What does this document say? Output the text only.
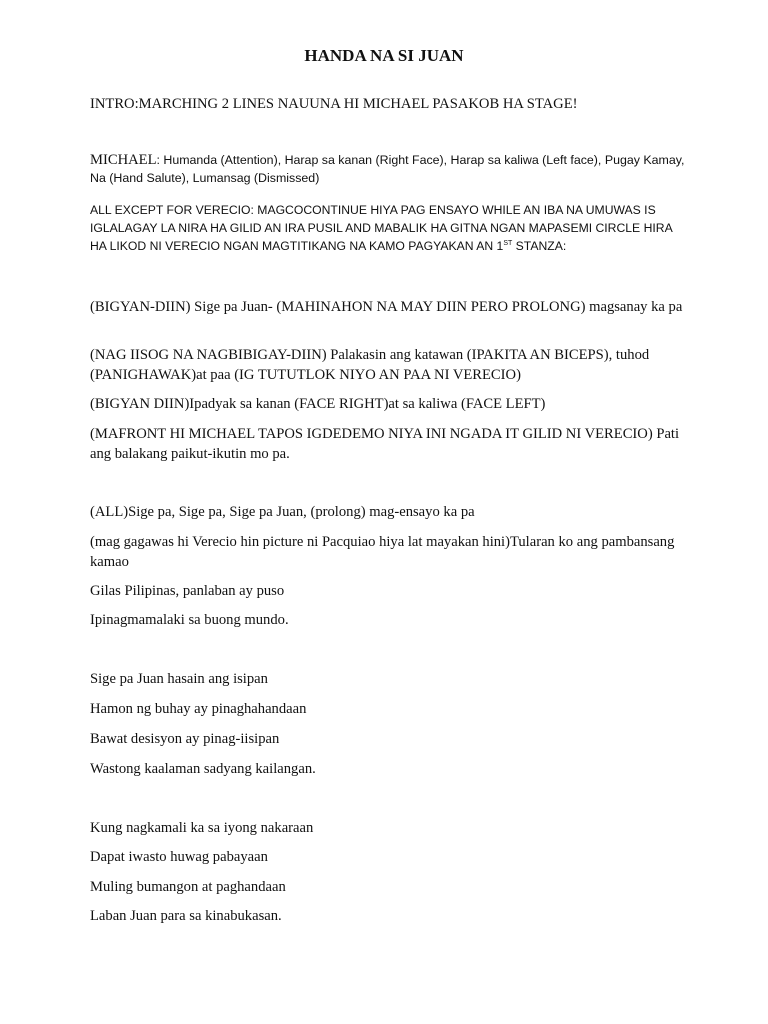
HANDA NA SI JUAN

INTRO:MARCHING 2 LINES NAUUNA HI MICHAEL PASAKOB HA STAGE!

MICHAEL: Humanda (Attention), Harap sa kanan (Right Face), Harap sa kaliwa (Left face), Pugay Kamay, Na (Hand Salute), Lumansag (Dismissed)

ALL EXCEPT FOR VERECIO: MAGCOCONTINUE HIYA PAG ENSAYO WHILE AN IBA NA UMUWAS IS IGLALAGAY LA NIRA HA GILID AN IRA PUSIL AND MABALIK HA GITNA NGAN MAPASEMI CIRCLE HIRA HA LIKOD NI VERECIO NGAN MAGTITIKANG NA KAMO PAGYAKAN AN 1ST STANZA:

(BIGYAN-DIIN) Sige pa Juan- (MAHINAHON NA MAY DIIN PERO PROLONG) magsanay ka pa

(NAG IISOG NA NAGBIBIGAY-DIIN) Palakasin ang katawan (IPAKITA AN BICEPS), tuhod (PANIGHAWAK)at paa (IG TUTUTLOK NIYO AN PAA NI VERECIO)

(BIGYAN DIIN)Ipadyak sa kanan (FACE RIGHT)at sa kaliwa (FACE LEFT)

(MAFRONT HI MICHAEL TAPOS IGDEDEMO NIYA INI NGADA IT GILID NI VERECIO) Pati ang balakang paikut-ikutin mo pa.

(ALL)Sige pa, Sige pa, Sige pa Juan, (prolong) mag-ensayo ka pa

(mag gagawas hi Verecio hin picture ni Pacquiao hiya lat mayakan hini)Tularan ko ang pambansang kamao

Gilas Pilipinas, panlaban ay puso

Ipinagmamalaki sa buong mundo.

Sige pa Juan hasain ang isipan

Hamon ng buhay ay pinaghahandaan

Bawat desisyon ay pinag-iisipan

Wastong kaalaman sadyang kailangan.

Kung nagkamali ka sa iyong nakaraan

Dapat iwasto huwag pabayaan

Muling bumangon at paghandaan

Laban Juan para sa kinabukasan.
